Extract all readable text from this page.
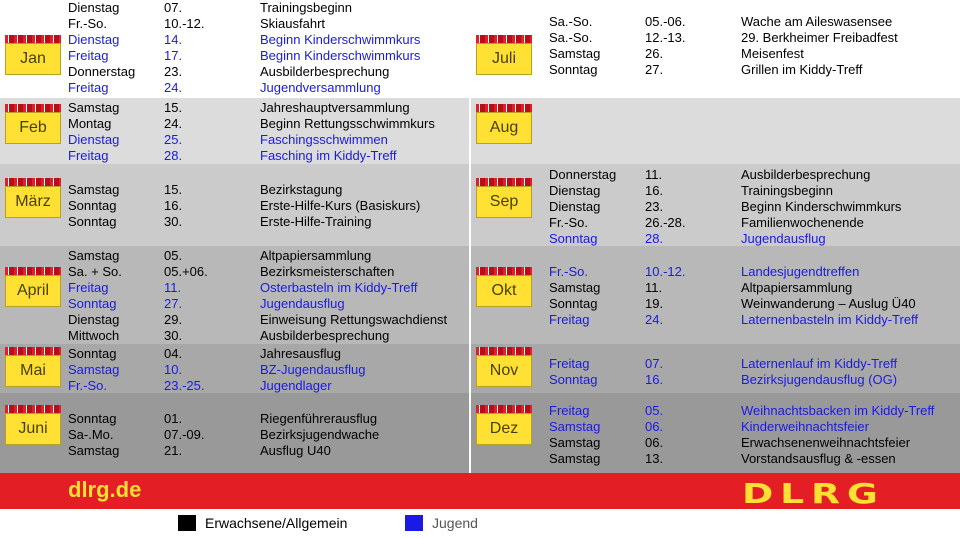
Jan
Dienstag	07.	Trainingsbeginn
Fr.-So.	10.-12.	Skiausfahrt
Dienstag	14.	Beginn Kinderschwimmkurs
Freitag	17.	Beginn Kinderschwimmkurs
Donnerstag 23.	Ausbilderbesprechung
Freitag	24.	Jugendversammlung
Feb
Samstag	15.	Jahreshauptversammlung
Montag	24.	Beginn Rettungsschwimmkurs
Dienstag	25.	Faschingsschwimmen
Freitag	28.	Fasching im Kiddy-Treff
März
Samstag	15.	Bezirkstagung
Sonntag	16.	Erste-Hilfe-Kurs (Basiskurs)
Sonntag	30.	Erste-Hilfe-Training
April
Samstag	05.	Altpapiersammlung
Sa. + So.	05.+06.	Bezirksmeisterschaften
Freitag	11.	Osterbasteln im Kiddy-Treff
Sonntag	27.	Jugendausflug
Dienstag	29.	Einweisung Rettungswachdienst
Mittwoch	30.	Ausbilderbesprechung
Mai
Sonntag	04.	Jahresausflug
Samstag	10.	BZ-Jugendausflug
Fr.-So.	23.-25.	Jugendlager
Juni
Sonntag	01.	Riegenführerausflug
Sa-.Mo.	07.-09.	Bezirksjugendwache
Samstag	21.	Ausflug U40
Juli
Sa.-So.	05.-06.	Wache am Aileswasensee
Sa.-So.	12.-13.	29. Berkheimer Freibadfest
Samstag	26.	Meisenfest
Sonntag	27.	Grillen im Kiddy-Treff
Aug
Sep
Donnerstag 11.	Ausbilderbesprechung
Dienstag	16.	Trainingsbeginn
Dienstag	23.	Beginn Kinderschwimmkurs
Fr.-So.	26.-28.	Familienwochenende
Sonntag	28.	Jugendausflug
Okt
Fr.-So.	10.-12.	Landesjugendtreffen
Samstag	11.	Altpapiersammlung
Sonntag	19.	Weinwanderung – Auslug Ü40
Freitag	24.	Laternenbasteln im Kiddy-Treff
Nov	Freitag	07.	Laternenlauf im Kiddy-Treff
Sonntag	16.	Bezirksjugendausflug (OG)
Dez
Freitag	05.	Weihnachtsbacken im Kiddy-Treff
Samstag	06.	Kinderweihnachtsfeier
Samstag	06.	Erwachsenenweihnachtsfeier
Samstag	13.	Vorstandsausflug & -essen
dlrg.de	DLRG
Erwachsene/Allgemein	Jugend
